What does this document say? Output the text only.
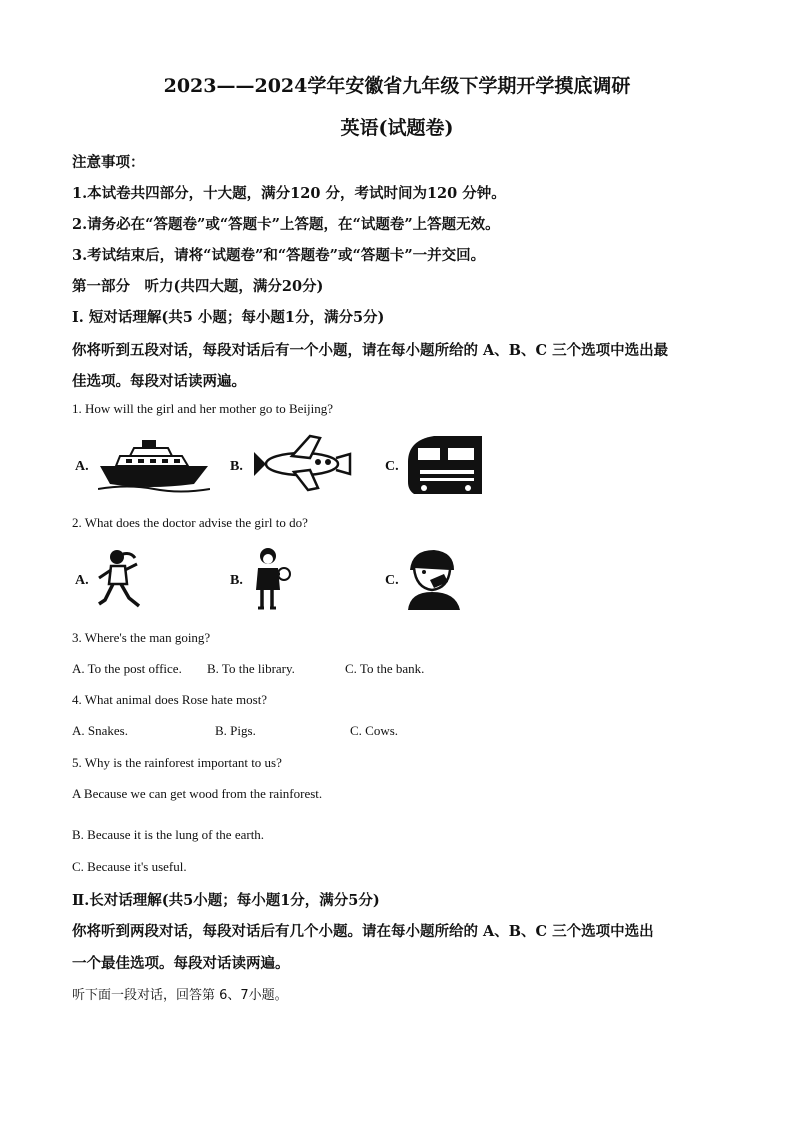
2023——2024学年安徽省九年级下学期开学摸底调研
英语(试题卷)
注意事项：
1.本试卷共四部分，十大题，满分120 分，考试时间为120 分钟。
2.请务必在“答题卷”或“答题卡”上答题，在“试题卷”上答题无效。
3.考试结束后，请将“试题卷”和“答题卷”或“答题卡”一并交回。
第一部分　听力(共四大题，满分20分)
Ⅰ. 短对话理解(共5 小题；每小题1分，满分5分)
你将听到五段对话，每段对话后有一个小题，请在每小题所给的 A、B、C 三个选项中选出最
佳选项。每段对话读两遍。
1. How will the girl and her mother go to Beijing?
A.	B.	C.
2. What does the doctor advise the girl to do?
A.	B.	C.
3. Where's the man going?
A. To the post office. B. To the library.	C. To the bank.
4. What animal does Rose hate most?
A. Snakes.	B. Pigs.	C. Cows.
5. Why is the rainforest important to us?
A Because we can get wood from the rainforest.
B. Because it is the lung of the earth.
C. Because it's useful.
Ⅱ.长对话理解(共5小题；每小题1分，满分5分)
你将听到两段对话，每段对话后有几个小题。请在每小题所给的 A、B、C 三个选项中选出
一个最佳选项。每段对话读两遍。
听下面一段对话，回答第 6、7小题。
